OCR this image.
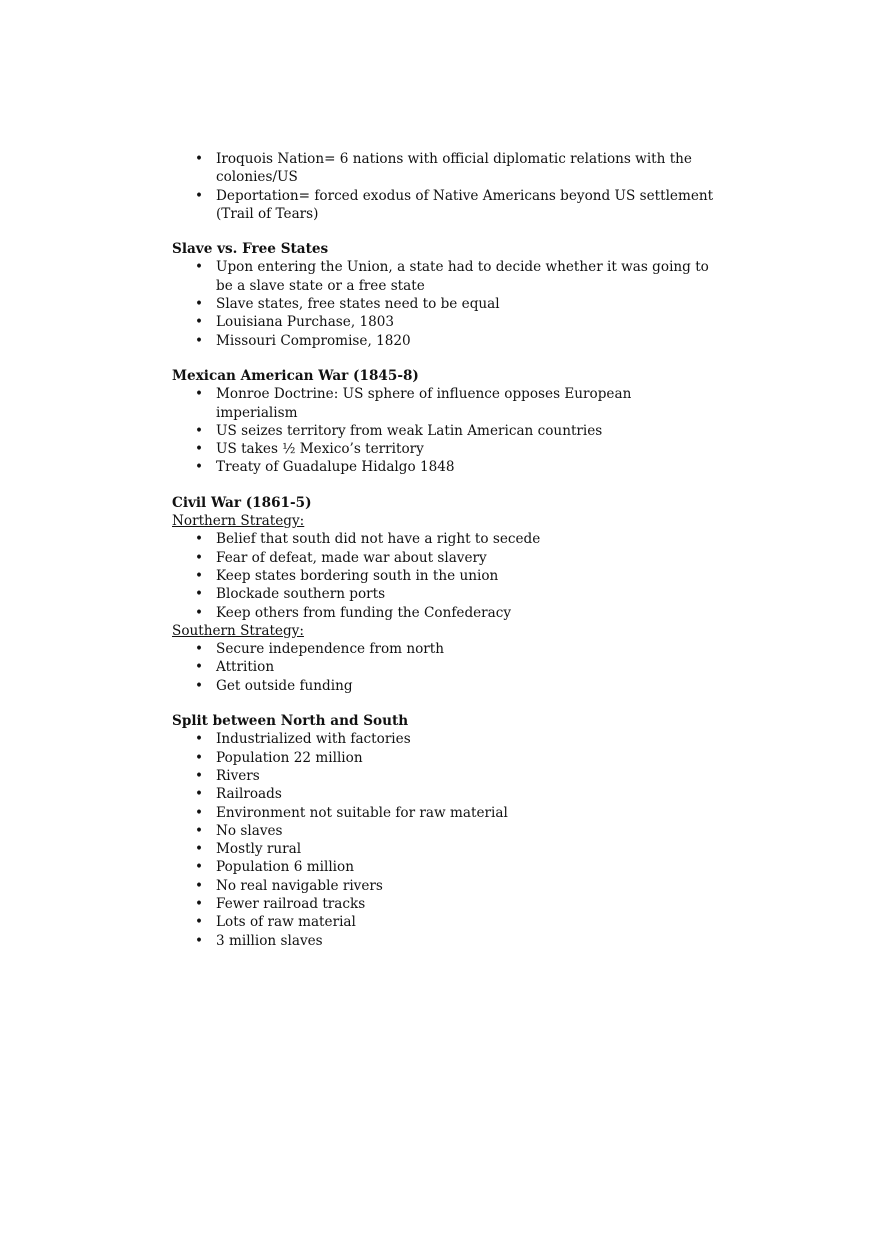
• Iroquois Nation= 6 nations with official diplomatic relations with the colonies/US
• Deportation= forced exodus of Native Americans beyond US settlement (Trail of Tears)

Slave vs. Free States

• Upon entering the Union, a state had to decide whether it was going to be a slave state or a free state
• Slave states, free states need to be equal
• Louisiana Purchase, 1803
• Missouri Compromise, 1820

Mexican American War (1845-8)

• Monroe Doctrine: US sphere of influence opposes European imperialism
• US seizes territory from weak Latin American countries
• US takes ½ Mexico’s territory
• Treaty of Guadalupe Hidalgo 1848

Civil War (1861-5)

Northern Strategy:

• Belief that south did not have a right to secede
• Fear of defeat, made war about slavery
• Keep states bordering south in the union
• Blockade southern ports
• Keep others from funding the Confederacy

Southern Strategy:

• Secure independence from north
• Attrition
• Get outside funding

Split between North and South

• Industrialized with factories
• Population 22 million
• Rivers
• Railroads
• Environment not suitable for raw material
• No slaves
• Mostly rural
• Population 6 million
• No real navigable rivers
• Fewer railroad tracks
• Lots of raw material
• 3 million slaves
